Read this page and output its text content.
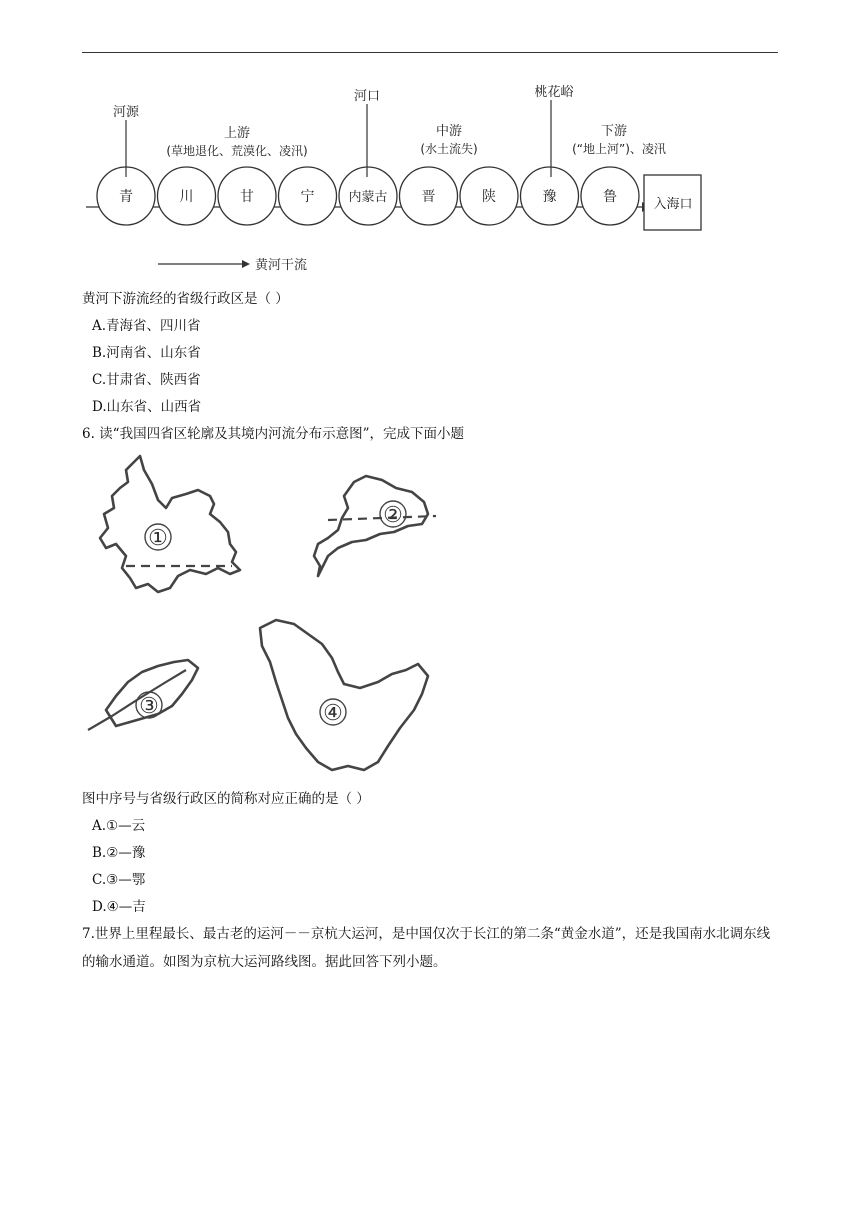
青	川	甘	宁	内蒙古 晋	陕	豫	鲁	入海口
河源
河口	桃花峪
上游
(草地退化、荒漠化、凌汛)
中游
(水土流失)
下游
(“地上河”)、凌汛
黄河干流
黄河下游流经的省级行政区是（ ）
A.青海省、四川省
B.河南省、山东省
C.甘肃省、陕西省
D.山东省、山西省
6. 读“我国四省区轮廓及其境内河流分布示意图”，完成下面小题
①
②
③	④
图中序号与省级行政区的简称对应正确的是（ ）
A.①—云
B.②—豫
C.③—鄂
D.④—吉
7.世界上里程最长、最古老的运河－－京杭大运河，是中国仅次于长江的第二条“黄金水道”，还是我国南水北调东线的输水通道。如图为京杭大运河路线图。据此回答下列小题。
